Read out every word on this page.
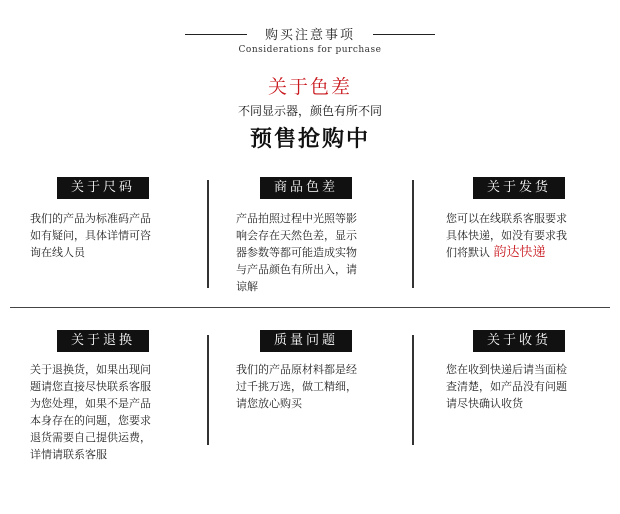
购买注意事项
Considerations for purchase
关于色差
不同显示器，颜色有所不同
预售抢购中
关于尺码
我们的产品为标准码产品
如有疑问，具体详情可咨
询在线人员
商品色差
产品拍照过程中光照等影
响会存在天然色差，显示
器参数等都可能造成实物
与产品颜色有所出入，请
谅解
关于发货
您可以在线联系客服要求
具体快递，如没有要求我
们将默认 韵达快递
关于退换
关于退换货，如果出现问
题请您直接尽快联系客服
为您处理，如果不是产品
本身存在的问题，您要求
退货需要自己提供运费，
详情请联系客服
质量问题
我们的产品原材料都是经
过千挑万选，做工精细，
请您放心购买
关于收货
您在收到快递后请当面检
查清楚，如产品没有问题
请尽快确认收货
